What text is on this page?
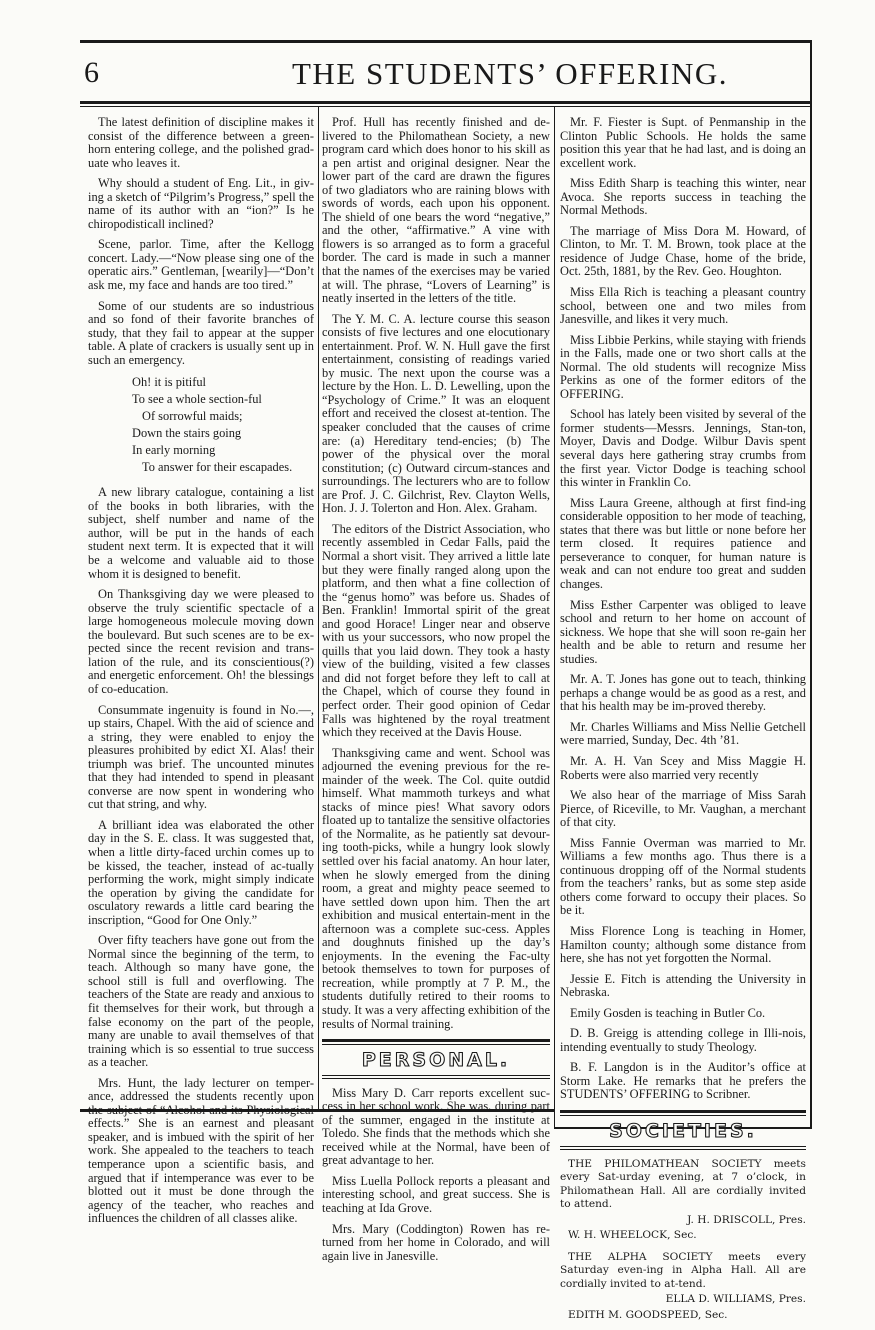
6	THE STUDENTS’ OFFERING.

The latest definition of discipline makes it consist of the difference between a green-horn entering college, and the polished grad-uate who leaves it.

Why should a student of Eng. Lit., in giv-ing a sketch of “Pilgrim’s Progress,” spell the name of its author with an “ion?” Is he chiropodisticall inclined?

Scene, parlor. Time, after the Kellogg concert. Lady.—“Now please sing one of the operatic airs.” Gentleman, [wearily]—“Don’t ask me, my face and hands are too tired.”

Some of our students are so industrious and so fond of their favorite branches of study, that they fail to appear at the supper table. A plate of crackers is usually sent up in such an emergency.

Oh! it is pitiful
To see a whole section-ful
Of sorrowful maids;
Down the stairs going
In early morning
To answer for their escapades.

A new library catalogue, containing a list of the books in both libraries, with the subject, shelf number and name of the author, will be put in the hands of each student next term. It is expected that it will be a welcome and valuable aid to those whom it is designed to benefit.

On Thanksgiving day we were pleased to observe the truly scientific spectacle of a large homogeneous molecule moving down the boulevard. But such scenes are to be ex-pected since the recent revision and trans-lation of the rule, and its conscientious(?) and energetic enforcement. Oh! the blessings of co-education.

Consummate ingenuity is found in No.—, up stairs, Chapel. With the aid of science and a string, they were enabled to enjoy the pleasures prohibited by edict XI. Alas! their triumph was brief. The uncounted minutes that they had intended to spend in pleasant converse are now spent in wondering who cut that string, and why.

A brilliant idea was elaborated the other day in the S. E. class. It was suggested that, when a little dirty-faced urchin comes up to be kissed, the teacher, instead of ac-tually performing the work, might simply indicate the operation by giving the candidate for osculatory rewards a little card bearing the inscription, “Good for One Only.”

Over fifty teachers have gone out from the Normal since the beginning of the term, to teach. Although so many have gone, the school still is full and overflowing. The teachers of the State are ready and anxious to fit themselves for their work, but through a false economy on the part of the people, many are unable to avail themselves of that training which is so essential to true success as a teacher.

Mrs. Hunt, the lady lecturer on temper-ance, addressed the students recently upon the subject of “Alcohol and its Physiological effects.” She is an earnest and pleasant speaker, and is imbued with the spirit of her work. She appealed to the teachers to teach temperance upon a scientific basis, and argued that if intemperance was ever to be blotted out it must be done through the agency of the teacher, who reaches and influences the children of all classes alike.

Prof. Hull has recently finished and de-livered to the Philomathean Society, a new program card which does honor to his skill as a pen artist and original designer. Near the lower part of the card are drawn the figures of two gladiators who are raining blows with swords of words, each upon his opponent. The shield of one bears the word “negative,” and the other, “affirmative.” A vine with flowers is so arranged as to form a graceful border. The card is made in such a manner that the names of the exercises may be varied at will. The phrase, “Lovers of Learning” is neatly inserted in the letters of the title.

The Y. M. C. A. lecture course this season consists of five lectures and one elocutionary entertainment. Prof. W. N. Hull gave the first entertainment, consisting of readings varied by music. The next upon the course was a lecture by the Hon. L. D. Lewelling, upon the “Psychology of Crime.” It was an eloquent effort and received the closest at-tention. The speaker concluded that the causes of crime are: (a) Hereditary tend-encies; (b) The power of the physical over the moral constitution; (c) Outward circum-stances and surroundings. The lecturers who are to follow are Prof. J. C. Gilchrist, Rev. Clayton Wells, Hon. J. J. Tolerton and Hon. Alex. Graham.

The editors of the District Association, who recently assembled in Cedar Falls, paid the Normal a short visit. They arrived a little late but they were finally ranged along upon the platform, and then what a fine collection of the “genus homo” was before us. Shades of Ben. Franklin! Immortal spirit of the great and good Horace! Linger near and observe with us your successors, who now propel the quills that you laid down. They took a hasty view of the building, visited a few classes and did not forget before they left to call at the Chapel, which of course they found in perfect order. Their good opinion of Cedar Falls was hightened by the royal treatment which they received at the Davis House.

Thanksgiving came and went. School was adjourned the evening previous for the re-mainder of the week. The Col. quite outdid himself. What mammoth turkeys and what stacks of mince pies! What savory odors floated up to tantalize the sensitive olfactories of the Normalite, as he patiently sat devour-ing tooth-picks, while a hungry look slowly settled over his facial anatomy. An hour later, when he slowly emerged from the dining room, a great and mighty peace seemed to have settled down upon him. Then the art exhibition and musical entertain-ment in the afternoon was a complete suc-cess. Apples and doughnuts finished up the day’s enjoyments. In the evening the Fac-ulty betook themselves to town for purposes of recreation, while promptly at 7 P. M., the students dutifully retired to their rooms to study. It was a very affecting exhibition of the results of Normal training.

PERSONAL.

Miss Mary D. Carr reports excellent suc-cess in her school work. She was, during part of the summer, engaged in the institute at Toledo. She finds that the methods which she received while at the Normal, have been of great advantage to her.

Miss Luella Pollock reports a pleasant and interesting school, and great success. She is teaching at Ida Grove.

Mrs. Mary (Coddington) Rowen has re-turned from her home in Colorado, and will again live in Janesville.

Mr. F. Fiester is Supt. of Penmanship in the Clinton Public Schools. He holds the same position this year that he had last, and is doing an excellent work.

Miss Edith Sharp is teaching this winter, near Avoca. She reports success in teaching the Normal Methods.

The marriage of Miss Dora M. Howard, of Clinton, to Mr. T. M. Brown, took place at the residence of Judge Chase, home of the bride, Oct. 25th, 1881, by the Rev. Geo. Houghton.

Miss Ella Rich is teaching a pleasant country school, between one and two miles from Janesville, and likes it very much.

Miss Libbie Perkins, while staying with friends in the Falls, made one or two short calls at the Normal. The old students will recognize Miss Perkins as one of the former editors of the OFFERING.

School has lately been visited by several of the former students—Messrs. Jennings, Stan-ton, Moyer, Davis and Dodge. Wilbur Davis spent several days here gathering stray crumbs from the first year. Victor Dodge is teaching school this winter in Franklin Co.

Miss Laura Greene, although at first find-ing considerable opposition to her mode of teaching, states that there was but little or none before her term closed. It requires patience and perseverance to conquer, for human nature is weak and can not endure too great and sudden changes.

Miss Esther Carpenter was obliged to leave school and return to her home on account of sickness. We hope that she will soon re-gain her health and be able to return and resume her studies.

Mr. A. T. Jones has gone out to teach, thinking perhaps a change would be as good as a rest, and that his health may be im-proved thereby.

Mr. Charles Williams and Miss Nellie Getchell were married, Sunday, Dec. 4th ’81.

Mr. A. H. Van Scey and Miss Maggie H. Roberts were also married very recently

We also hear of the marriage of Miss Sarah Pierce, of Riceville, to Mr. Vaughan, a merchant of that city.

Miss Fannie Overman was married to Mr. Williams a few months ago. Thus there is a continuous dropping off of the Normal students from the teachers’ ranks, but as some step aside others come forward to occupy their places. So be it.

Miss Florence Long is teaching in Homer, Hamilton county; although some distance from here, she has not yet forgotten the Normal.

Jessie E. Fitch is attending the University in Nebraska.

Emily Gosden is teaching in Butler Co.

D. B. Greigg is attending college in Illi-nois, intending eventually to study Theology.

B. F. Langdon is in the Auditor’s office at Storm Lake. He remarks that he prefers the STUDENTS’ OFFERING to Scribner.

SOCIETIES.

THE PHILOMATHEAN SOCIETY meets every Sat-urday evening, at 7 o’clock, in Philomathean Hall. All are cordially invited to attend.

J. H. DRISCOLL, Pres.
W. H. WHEELOCK, Sec.

THE ALPHA SOCIETY meets every Saturday even-ing in Alpha Hall. All are cordially invited to at-tend.

ELLA D. WILLIAMS, Pres.
EDITH M. GOODSPEED, Sec.
